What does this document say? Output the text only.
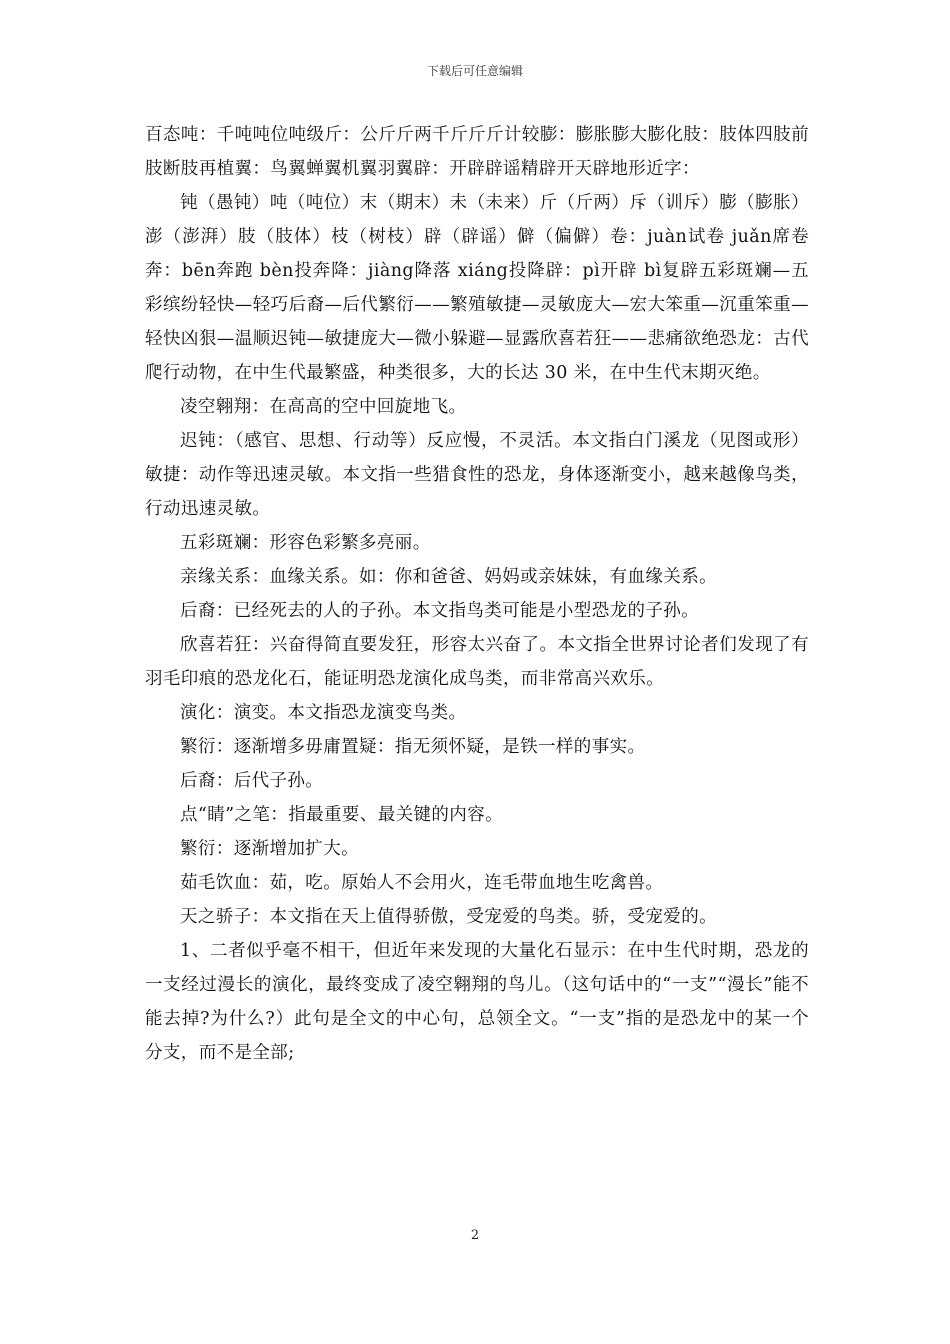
下载后可任意编辑

百态吨：千吨吨位吨级斤：公斤斤两千斤斤斤计较膨：膨胀膨大膨化肢：肢体四肢前肢断肢再植翼：鸟翼蝉翼机翼羽翼辟：开辟辟谣精辟开天辟地形近字：

钝（愚钝）吨（吨位）末（期末）未（未来）斤（斤两）斥（训斥）膨（膨胀）澎（澎湃）肢（肢体）枝（树枝）辟（辟谣）僻（偏僻）卷：juàn试卷 juǎn席卷奔：bēn奔跑 bèn投奔降：jiàng降落 xiáng投降辟：pì开辟 bì复辟五彩斑斓—五彩缤纷轻快—轻巧后裔—后代繁衍——繁殖敏捷—灵敏庞大—宏大笨重—沉重笨重—轻快凶狠—温顺迟钝—敏捷庞大—微小躲避—显露欣喜若狂——悲痛欲绝恐龙：古代爬行动物，在中生代最繁盛，种类很多，大的长达 30 米，在中生代末期灭绝。

凌空翱翔：在高高的空中回旋地飞。

迟钝：（感官、思想、行动等）反应慢，不灵活。本文指白门溪龙（见图或形）敏捷：动作等迅速灵敏。本文指一些猎食性的恐龙，身体逐渐变小，越来越像鸟类，行动迅速灵敏。

五彩斑斓：形容色彩繁多亮丽。

亲缘关系：血缘关系。如：你和爸爸、妈妈或亲妹妹，有血缘关系。

后裔：已经死去的人的子孙。本文指鸟类可能是小型恐龙的子孙。

欣喜若狂：兴奋得简直要发狂，形容太兴奋了。本文指全世界讨论者们发现了有羽毛印痕的恐龙化石，能证明恐龙演化成鸟类，而非常高兴欢乐。

演化：演变。本文指恐龙演变鸟类。

繁衍：逐渐增多毋庸置疑：指无须怀疑，是铁一样的事实。

后裔：后代子孙。

点“睛”之笔：指最重要、最关键的内容。

繁衍：逐渐增加扩大。

茹毛饮血：茹，吃。原始人不会用火，连毛带血地生吃禽兽。

天之骄子：本文指在天上值得骄傲，受宠爱的鸟类。骄，受宠爱的。

1、二者似乎毫不相干，但近年来发现的大量化石显示：在中生代时期，恐龙的一支经过漫长的演化，最终变成了凌空翱翔的鸟儿。（这句话中的“一支”“漫长”能不能去掉?为什么?）此句是全文的中心句，总领全文。“一支”指的是恐龙中的某一个分支，而不是全部;

2
